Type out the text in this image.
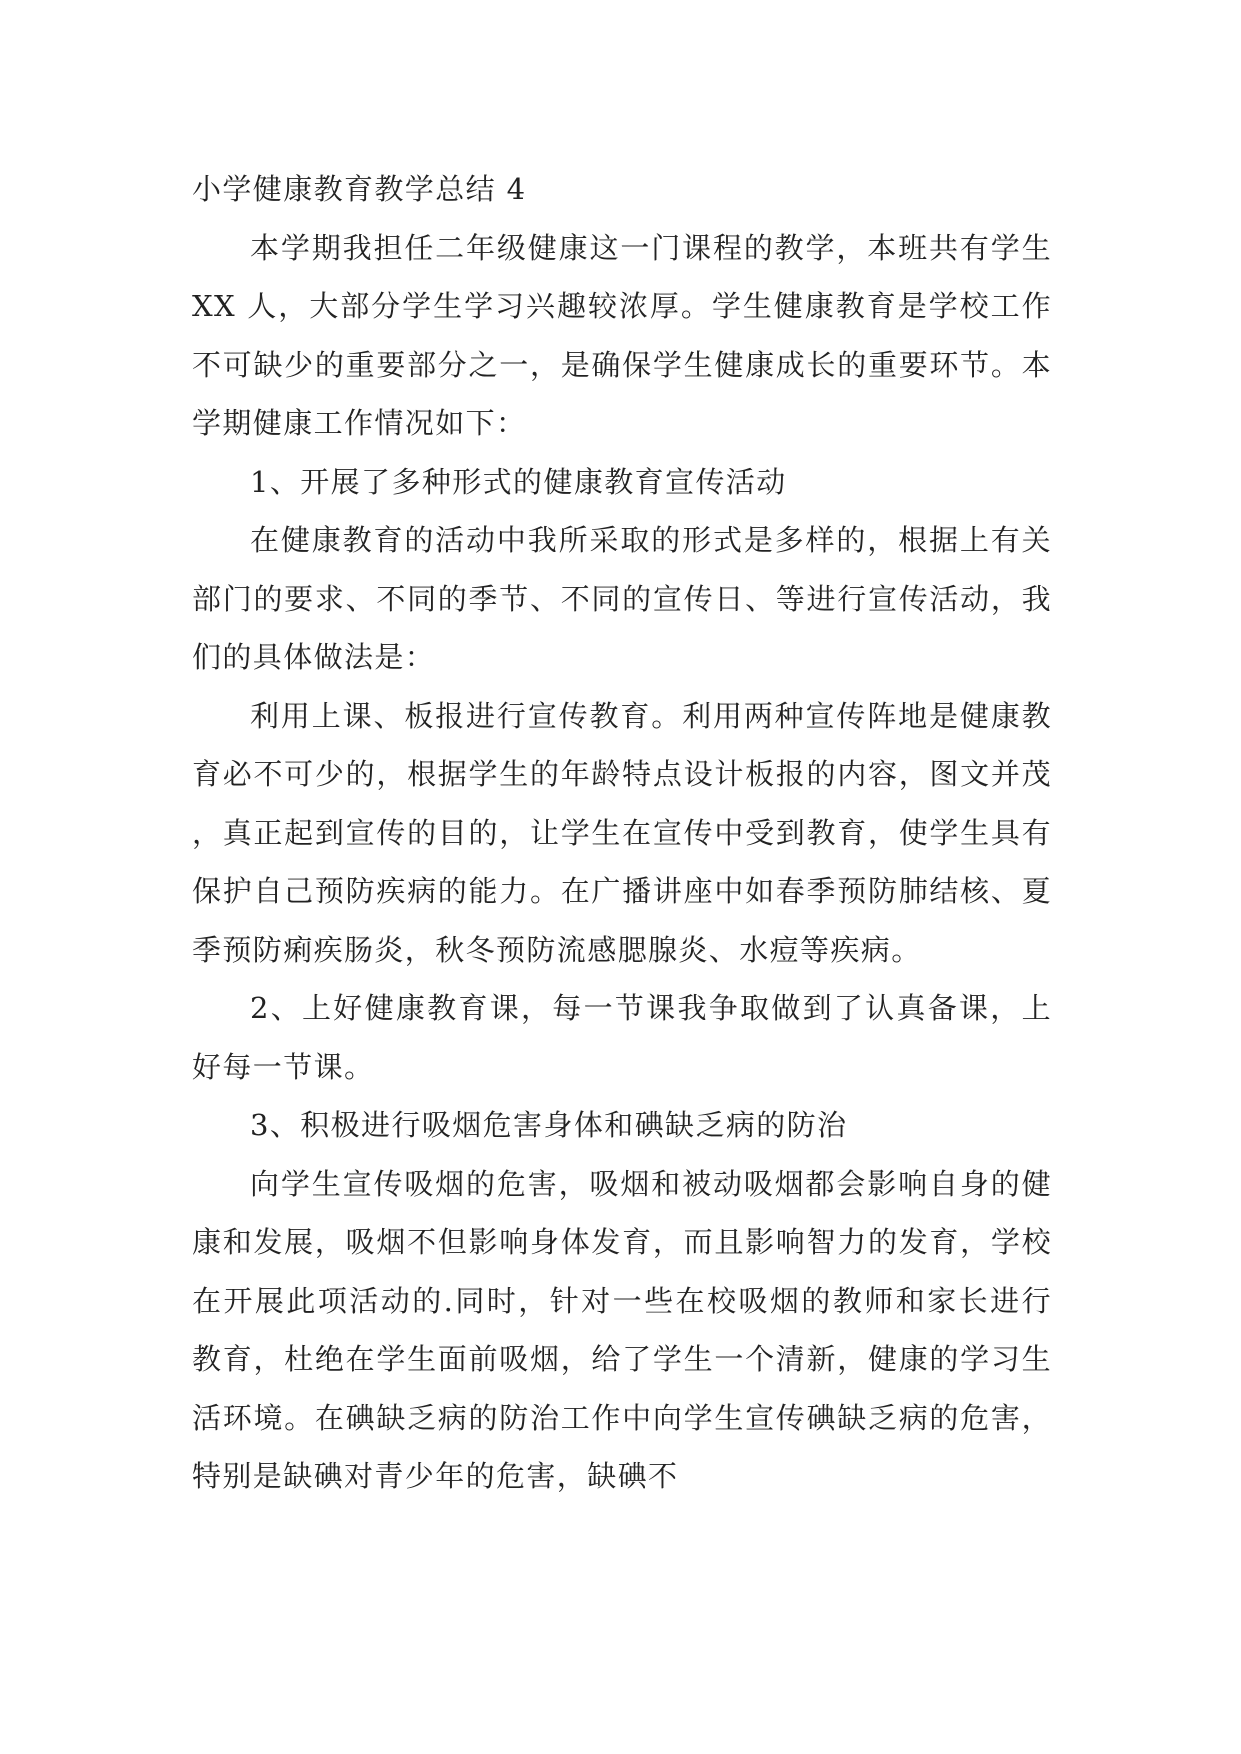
小学健康教育教学总结 4

本学期我担任二年级健康这一门课程的教学，本班共有学生 XX 人，大部分学生学习兴趣较浓厚。学生健康教育是学校工作不可缺少的重要部分之一，是确保学生健康成长的重要环节。本学期健康工作情况如下：

1、开展了多种形式的健康教育宣传活动

在健康教育的活动中我所采取的形式是多样的，根据上有关部门的要求、不同的季节、不同的宣传日、等进行宣传活动，我们的具体做法是：

利用上课、板报进行宣传教育。利用两种宣传阵地是健康教育必不可少的，根据学生的年龄特点设计板报的内容，图文并茂，真正起到宣传的目的，让学生在宣传中受到教育，使学生具有保护自己预防疾病的能力。在广播讲座中如春季预防肺结核、夏季预防痢疾肠炎，秋冬预防流感腮腺炎、水痘等疾病。

2、上好健康教育课，每一节课我争取做到了认真备课，上好每一节课。

3、积极进行吸烟危害身体和碘缺乏病的防治

向学生宣传吸烟的危害，吸烟和被动吸烟都会影响自身的健康和发展，吸烟不但影响身体发育，而且影响智力的发育，学校在开展此项活动的.同时，针对一些在校吸烟的教师和家长进行教育，杜绝在学生面前吸烟，给了学生一个清新，健康的学习生活环境。在碘缺乏病的防治工作中向学生宣传碘缺乏病的危害，特别是缺碘对青少年的危害，缺碘不
